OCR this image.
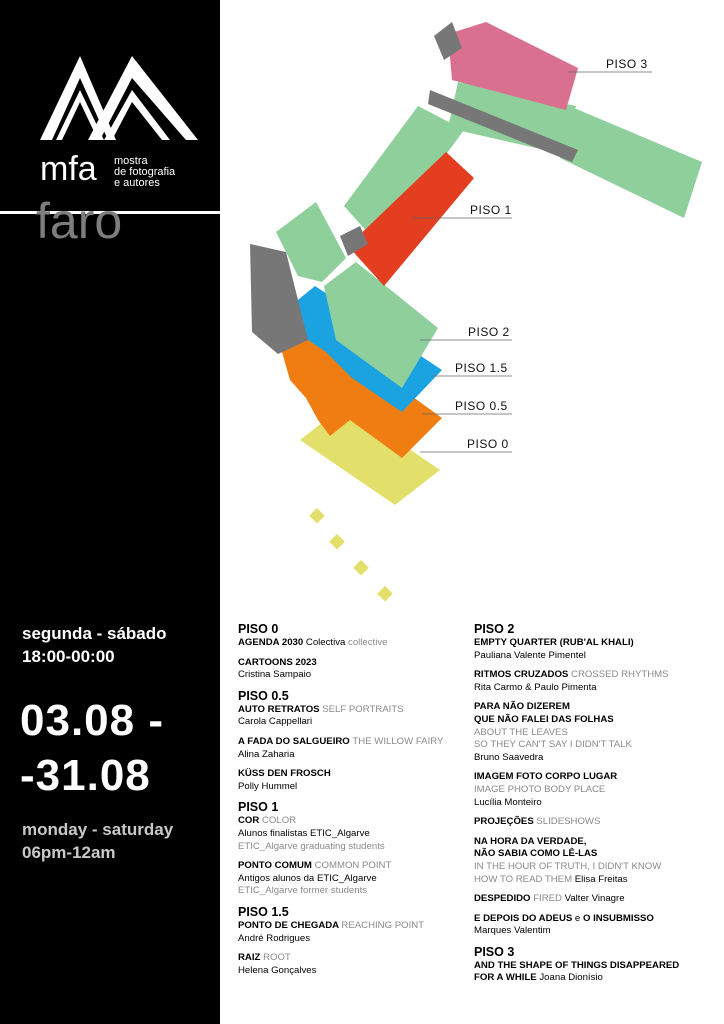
mfa mostra
de fotografia
e autores
faro
segunda - sábado
18:00-00:00
03.08 -
-31.08
monday - saturday
06pm-12am
PISO 3
PISO 1
PISO 2
PISO 1.5
PISO 0.5
PISO 0
PISO 0
AGENDA 2030 Colectiva collective
CARTOONS 2023
Cristina Sampaio
PISO 0.5
AUTO RETRATOS SELF PORTRAITS
Carola Cappellari
A FADA DO SALGUEIRO THE WILLOW FAIRY
Alina Zaharia
KÜSS DEN FROSCH
Polly Hummel
PISO 1
COR COLOR
Alunos finalistas ETIC_Algarve
ETIC_Algarve graduating students
PONTO COMUM COMMON POINT
Antigos alunos da ETIC_Algarve
ETIC_Algarve former students
PISO 1.5
PONTO DE CHEGADA REACHING POINT
André Rodrigues
RAIZ ROOT
Helena Gonçalves
PISO 2
EMPTY QUARTER (RUB'AL KHALI)
Pauliana Valente Pimentel
RITMOS CRUZADOS CROSSED RHYTHMS
Rita Carmo & Paulo Pimenta
PARA NÃO DIZEREM
QUE NÃO FALEI DAS FOLHAS
ABOUT THE LEAVES
SO THEY CAN'T SAY I DIDN'T TALK
Bruno Saavedra
IMAGEM FOTO CORPO LUGAR
IMAGE PHOTO BODY PLACE
Lucília Monteiro
PROJEÇÕES SLIDESHOWS
NA HORA DA VERDADE,
NÃO SABIA COMO LÊ-LAS
IN THE HOUR OF TRUTH, I DIDN'T KNOW
HOW TO READ THEM Elisa Freitas
DESPEDIDO FIRED Valter Vinagre
E DEPOIS DO ADEUS e O INSUBMISSO
Marques Valentim
PISO 3
AND THE SHAPE OF THINGS DISAPPEARED
FOR A WHILE Joana Dionísio
